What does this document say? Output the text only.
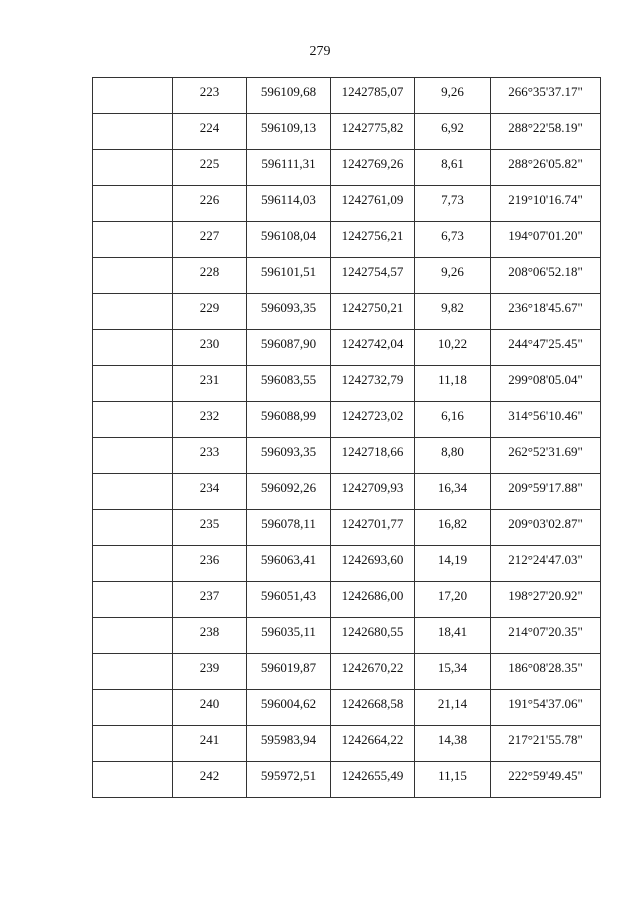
279
	223	596109,68	1242785,07	9,26	266°35'37.17"
	224	596109,13	1242775,82	6,92	288°22'58.19"
	225	596111,31	1242769,26	8,61	288°26'05.82"
	226	596114,03	1242761,09	7,73	219°10'16.74"
	227	596108,04	1242756,21	6,73	194°07'01.20"
	228	596101,51	1242754,57	9,26	208°06'52.18"
	229	596093,35	1242750,21	9,82	236°18'45.67"
	230	596087,90	1242742,04	10,22	244°47'25.45"
	231	596083,55	1242732,79	11,18	299°08'05.04"
	232	596088,99	1242723,02	6,16	314°56'10.46"
	233	596093,35	1242718,66	8,80	262°52'31.69"
	234	596092,26	1242709,93	16,34	209°59'17.88"
	235	596078,11	1242701,77	16,82	209°03'02.87"
	236	596063,41	1242693,60	14,19	212°24'47.03"
	237	596051,43	1242686,00	17,20	198°27'20.92"
	238	596035,11	1242680,55	18,41	214°07'20.35"
	239	596019,87	1242670,22	15,34	186°08'28.35"
	240	596004,62	1242668,58	21,14	191°54'37.06"
	241	595983,94	1242664,22	14,38	217°21'55.78"
	242	595972,51	1242655,49	11,15	222°59'49.45"
